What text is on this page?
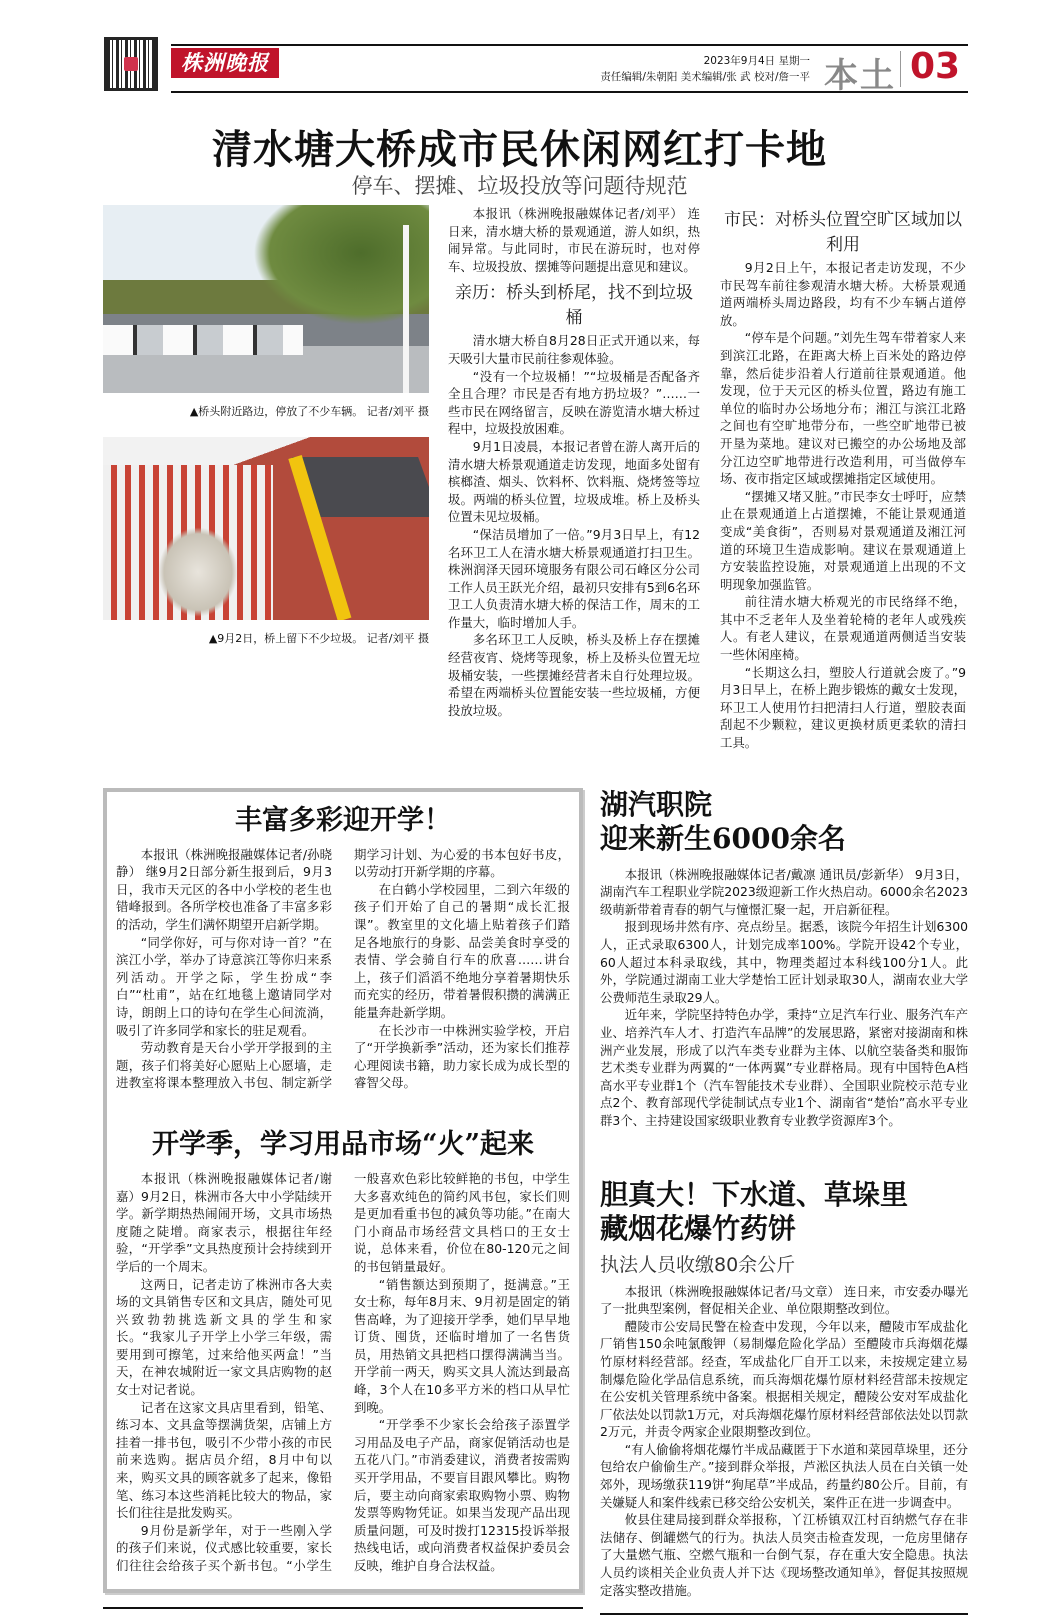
株洲晚报	2023年9月4日 星期一
责任编辑/朱朝阳 美术编辑/张 武 校对/詹一平 本土 03
清水塘大桥成市民休闲网红打卡地
停车、摆摊、垃圾投放等问题待规范
▲桥头附近路边，停放了不少车辆。 记者/刘平 摄
▲9月2日，桥上留下不少垃圾。 记者/刘平 摄

本报讯（株洲晚报融媒体记者/刘平） 连日来，清水塘大桥的景观通道，游人如织，热闹异常。与此同时，市民在游玩时，也对停车、垃圾投放、摆摊等问题提出意见和建议。

亲历：桥头到桥尾，找不到垃圾桶

清水塘大桥自8月28日正式开通以来，每天吸引大量市民前往参观体验。

“没有一个垃圾桶！”“垃圾桶是否配备齐全且合理？市民是否有地方扔垃圾？”……一些市民在网络留言，反映在游览清水塘大桥过程中，垃圾投放困难。

9月1日凌晨，本报记者曾在游人离开后的清水塘大桥景观通道走访发现，地面多处留有槟榔渣、烟头、饮料杯、饮料瓶、烧烤签等垃圾。两端的桥头位置，垃圾成堆。桥上及桥头位置未见垃圾桶。

“保洁员增加了一倍。”9月3日早上，有12名环卫工人在清水塘大桥景观通道打扫卫生。株洲润泽天园环境服务有限公司石峰区分公司工作人员王跃光介绍，最初只安排有5到6名环卫工人负责清水塘大桥的保洁工作，周末的工作量大，临时增加人手。

多名环卫工人反映，桥头及桥上存在摆摊经营夜宵、烧烤等现象，桥上及桥头位置无垃圾桶安装，一些摆摊经营者未自行处理垃圾。希望在两端桥头位置能安装一些垃圾桶，方便投放垃圾。

市民：对桥头位置空旷区域加以利用

9月2日上午，本报记者走访发现，不少市民驾车前往参观清水塘大桥。大桥景观通道两端桥头周边路段，均有不少车辆占道停放。

“停车是个问题。”刘先生驾车带着家人来到滨江北路，在距离大桥上百米处的路边停靠，然后徒步沿着人行道前往景观通道。他发现，位于天元区的桥头位置，路边有施工单位的临时办公场地分布；湘江与滨江北路之间也有空旷地带分布，一些空旷地带已被开垦为菜地。建议对已搬空的办公场地及部分江边空旷地带进行改造利用，可当做停车场、夜市指定区域或摆摊指定区域使用。

“摆摊又堵又脏。”市民李女士呼吁，应禁止在景观通道上占道摆摊，不能让景观通道变成“美食街”，否则易对景观通道及湘江河道的环境卫生造成影响。建议在景观通道上方安装监控设施，对景观通道上出现的不文明现象加强监管。

前往清水塘大桥观光的市民络绎不绝，其中不乏老年人及坐着轮椅的老年人或残疾人。有老人建议，在景观通道两侧适当安装一些休闲座椅。

“长期这么扫，塑胶人行道就会废了。”9月3日早上，在桥上跑步锻炼的戴女士发现，环卫工人使用竹扫把清扫人行道，塑胶表面刮起不少颗粒，建议更换材质更柔软的清扫工具。

丰富多彩迎开学！

本报讯（株洲晚报融媒体记者/孙晓静） 继9月2日部分新生报到后，9月3日，我市天元区的各中小学校的老生也错峰报到。各所学校也准备了丰富多彩的活动，学生们满怀期望开启新学期。

“同学你好，可与你对诗一首？”在滨江小学，举办了诗意滨江等你归来系列活动。开学之际，学生扮成“李白”“杜甫”，站在红地毯上邀请同学对诗，朗朗上口的诗句在学生心间流淌，吸引了许多同学和家长的驻足观看。

劳动教育是天台小学开学报到的主题，孩子们将美好心愿贴上心愿墙，走进教室将课本整理放入书包、制定新学期学习计划、为心爱的书本包好书皮，以劳动打开新学期的序幕。

在白鹤小学校园里，二到六年级的孩子们开始了自己的暑期“成长汇报课”。教室里的文化墙上贴着孩子们踏足各地旅行的身影、品尝美食时享受的表情、学会骑自行车的欣喜……讲台上，孩子们滔滔不绝地分享着暑期快乐而充实的经历，带着暑假积攒的满满正能量奔赴新学期。

在长沙市一中株洲实验学校，开启了“开学换新季”活动，还为家长们推荐心理阅读书籍，助力家长成为成长型的睿智父母。

开学季，学习用品市场“火”起来

本报讯（株洲晚报融媒体记者/谢嘉）9月2日，株洲市各大中小学陆续开学。新学期热热闹闹开场，文具市场热度随之陡增。商家表示，根据往年经验，“开学季”文具热度预计会持续到开学后的一个周末。

这两日，记者走访了株洲市各大卖场的文具销售专区和文具店，随处可见兴致勃勃挑选新文具的学生和家长。“我家儿子开学上小学三年级，需要用到可擦笔，过来给他买两盒！”当天，在神农城附近一家文具店购物的赵女士对记者说。

记者在这家文具店里看到，铅笔、练习本、文具盒等摆满货架，店铺上方挂着一排书包，吸引不少带小孩的市民前来选购。据店员介绍，8月中旬以来，购买文具的顾客就多了起来，像铅笔、练习本这些消耗比较大的物品，家长们往往是批发购买。

9月份是新学年，对于一些刚入学的孩子们来说，仪式感比较重要，家长们往往会给孩子买个新书包。“小学生一般喜欢色彩比较鲜艳的书包，中学生大多喜欢纯色的简约风书包，家长们则是更加看重书包的减负等功能。”在南大门小商品市场经营文具档口的王女士说，总体来看，价位在80-120元之间的书包销量最好。

“销售额达到预期了，挺满意。”王女士称，每年8月末、9月初是固定的销售高峰，为了迎接开学季，她们早早地订货、囤货，还临时增加了一名售货员，用热销文具把档口摆得满满当当。开学前一两天，购买文具人流达到最高峰，3个人在10多平方米的档口从早忙到晚。

“开学季不少家长会给孩子添置学习用品及电子产品，商家促销活动也是五花八门。”市消委建议，消费者按需购买开学用品，不要盲目跟风攀比。购物后，要主动向商家索取购物小票、购物发票等购物凭证。如果当发现产品出现质量问题，可及时拨打12315投诉举报热线电话，或向消费者权益保护委员会反映，维护自身合法权益。

湖汽职院
迎来新生6000余名

本报讯（株洲晚报融媒体记者/戴凛 通讯员/彭新华） 9月3日，湖南汽车工程职业学院2023级迎新工作火热启动。6000余名2023级萌新带着青春的朝气与憧憬汇聚一起，开启新征程。

报到现场井然有序、亮点纷呈。据悉，该院今年招生计划6300人，正式录取6300人，计划完成率100%。学院开设42个专业，60人超过本科录取线，其中，物理类超过本科线100分1人。此外，学院通过湖南工业大学楚怡工匠计划录取30人，湖南农业大学公费师范生录取29人。

近年来，学院坚持特色办学，秉持“立足汽车行业、服务汽车产业、培养汽车人才、打造汽车品牌”的发展思路，紧密对接湖南和株洲产业发展，形成了以汽车类专业群为主体、以航空装备类和服饰艺术类专业群为两翼的“一体两翼”专业群格局。现有中国特色A档高水平专业群1个（汽车智能技术专业群）、全国职业院校示范专业点2个、教育部现代学徒制试点专业1个、湖南省“楚怡”高水平专业群3个、主持建设国家级职业教育专业教学资源库3个。

胆真大！下水道、草垛里
藏烟花爆竹药饼
执法人员收缴80余公斤

本报讯（株洲晚报融媒体记者/马文章） 连日来，市安委办曝光了一批典型案例，督促相关企业、单位限期整改到位。

醴陵市公安局民警在检查中发现，今年以来，醴陵市军成盐化厂销售150余吨氯酸钾（易制爆危险化学品）至醴陵市兵海烟花爆竹原材料经营部。经查，军成盐化厂自开工以来，未按规定建立易制爆危险化学品信息系统，而兵海烟花爆竹原材料经营部未按规定在公安机关管理系统中备案。根据相关规定，醴陵公安对军成盐化厂依法处以罚款1万元，对兵海烟花爆竹原材料经营部依法处以罚款2万元，并责令两家企业限期整改到位。

“有人偷偷将烟花爆竹半成品藏匿于下水道和菜园草垛里，还分包给农户偷偷生产。”接到群众举报，芦淞区执法人员在白关镇一处郊外，现场缴获119饼“狗尾草”半成品，药量约80公斤。目前，有关嫌疑人和案件线索已移交给公安机关，案件正在进一步调查中。

攸县住建局接到群众举报称，丫江桥镇双江村百纳燃气存在非法储存、倒罐燃气的行为。执法人员突击检查发现，一危房里储存了大量燃气瓶、空燃气瓶和一台倒气泵，存在重大安全隐患。执法人员约谈相关企业负责人并下达《现场整改通知单》，督促其按照规定落实整改措施。
